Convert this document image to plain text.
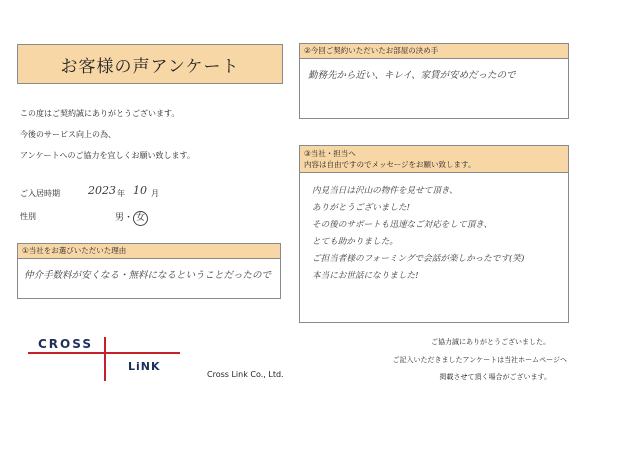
お客様の声アンケート
この度はご契約誠にありがとうございます。
今後のサービス向上の為、
アンケートへのご協力を宜しくお願い致します。
ご入居時期	2023 年 10 月
性別	男・ 女
①当社をお選びいただいた理由
仲介手数料が安くなる・無料になるということだったので
②今回ご契約いただいたお部屋の決め手
勤務先から近い、キレイ、家賃が安めだったので
③当社・担当へ
内容は自由ですのでメッセージをお願い致します。
内見当日は沢山の物件を見せて頂き、
ありがとうございました!
その後のサポートも迅速なご対応をして頂き、
とても助かりました。
ご担当者様のフォーミングで会話が楽しかったです(笑)
本当にお世話になりました!
CROSS
LiNK
Cross Link Co., Ltd.
ご協力誠にありがとうございました。
ご記入いただきましたアンケートは当社ホームページへ
掲載させて頂く場合がございます。
